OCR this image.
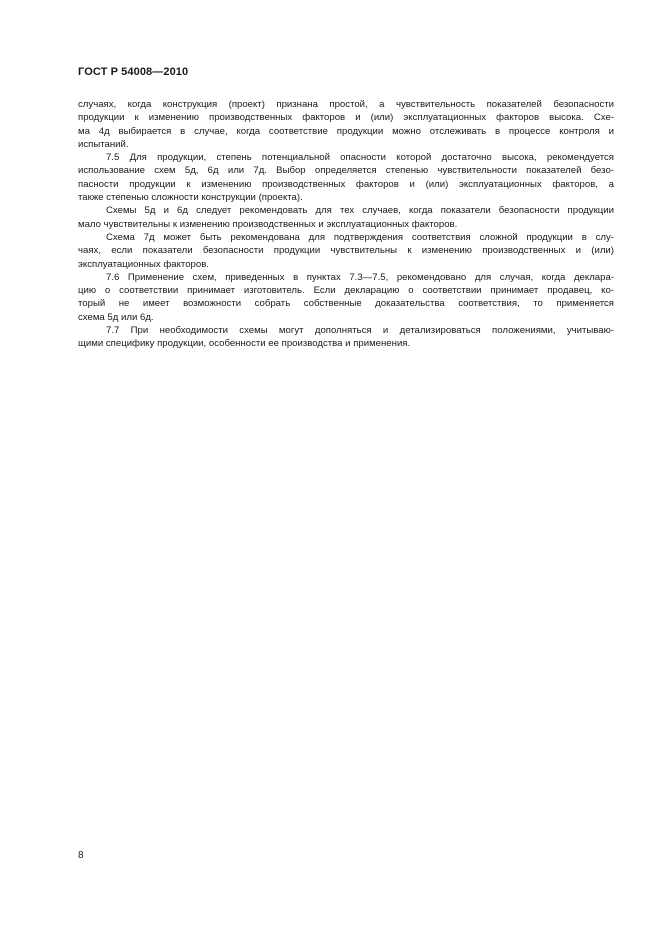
ГОСТ Р 54008—2010
случаях, когда конструкция (проект) признана простой, а чувствительность показателей безопасности
продукции к изменению производственных факторов и (или) эксплуатационных факторов высока. Схе-
ма 4д выбирается в случае, когда соответствие продукции можно отслеживать в процессе контроля и
испытаний.
7.5 Для продукции, степень потенциальной опасности которой достаточно высока, рекомендуется
использование схем 5д, 6д или 7д. Выбор определяется степенью чувствительности показателей безо-
пасности продукции к изменению производственных факторов и (или) эксплуатационных факторов, а
также степенью сложности конструкции (проекта).
Схемы 5д и 6д следует рекомендовать для тех случаев, когда показатели безопасности продукции
мало чувствительны к изменению производственных и эксплуатационных факторов.
Схема 7д может быть рекомендована для подтверждения соответствия сложной продукции в слу-
чаях, если показатели безопасности продукции чувствительны к изменению производственных и (или)
эксплуатационных факторов.
7.6 Применение схем, приведенных в пунктах 7.3—7.5, рекомендовано для случая, когда деклара-
цию о соответствии принимает изготовитель. Если декларацию о соответствии принимает продавец, ко-
торый не имеет возможности собрать собственные доказательства соответствия, то применяется
схема 5д или 6д.
7.7 При необходимости схемы могут дополняться и детализироваться положениями, учитываю-
щими специфику продукции, особенности ее производства и применения.
8
